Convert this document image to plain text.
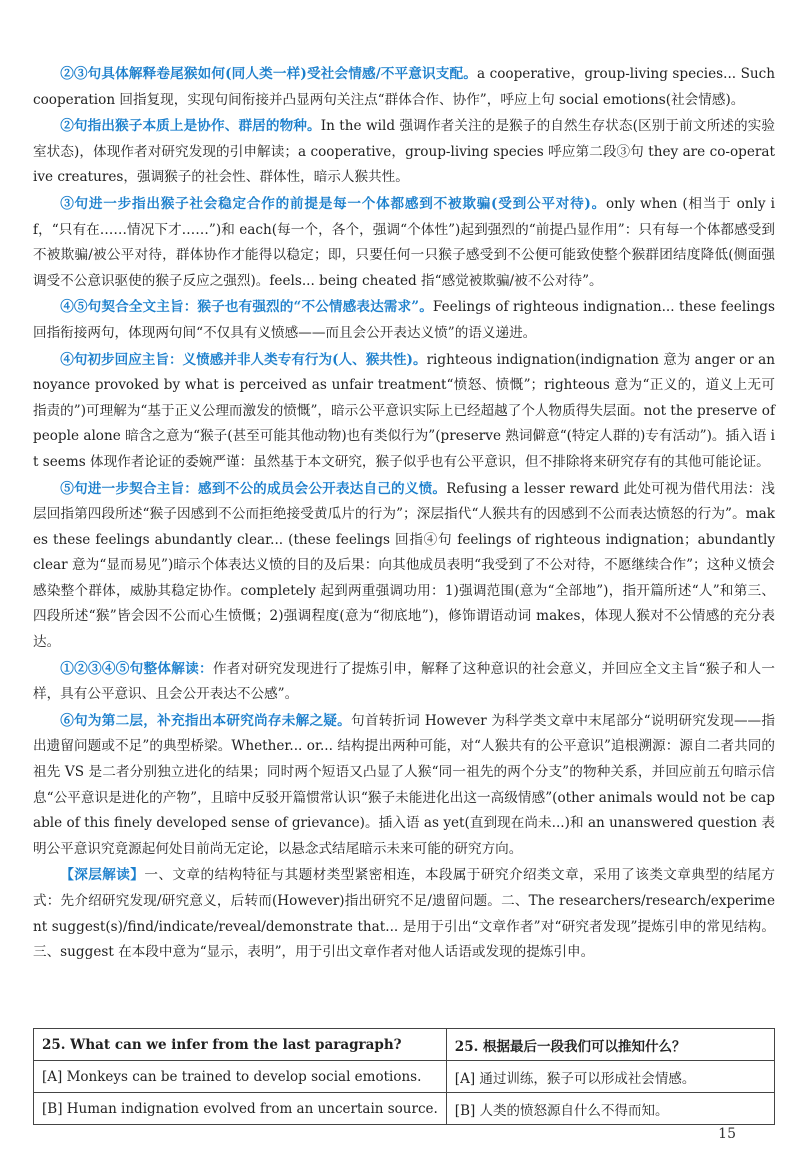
②③句具体解释卷尾猴如何(同人类一样)受社会情感/不平意识支配。a cooperative，group-living species... Such cooperation 回指复现，实现句间衔接并凸显两句关注点“群体合作、协作”，呼应上句 social emotions(社会情感)。

②句指出猴子本质上是协作、群居的物种。In the wild 强调作者关注的是猴子的自然生存状态(区别于前文所述的实验室状态)，体现作者对研究发现的引申解读；a cooperative，group-living species 呼应第二段③句 they are co-operative creatures，强调猴子的社会性、群体性，暗示人猴共性。

③句进一步指出猴子社会稳定合作的前提是每一个体都感到不被欺骗(受到公平对待)。only when (相当于 only if，“只有在……情况下才……”)和 each(每一个，各个，强调“个体性”)起到强烈的“前提凸显作用”：只有每一个体都感受到不被欺骗/被公平对待，群体协作才能得以稳定；即，只要任何一只猴子感受到不公便可能致使整个猴群团结度降低(侧面强调受不公意识驱使的猴子反应之强烈)。feels... being cheated 指“感觉被欺骗/被不公对待”。

④⑤句契合全文主旨：猴子也有强烈的“不公情感表达需求”。Feelings of righteous indignation... these feelings 回指衔接两句，体现两句间“不仅具有义愤感——而且会公开表达义愤”的语义递进。

④句初步回应主旨：义愤感并非人类专有行为(人、猴共性)。righteous indignation(indignation 意为 anger or annoyance provoked by what is perceived as unfair treatment“愤怒、愤慨”；righteous 意为“正义的，道义上无可指责的”)可理解为“基于正义公理而激发的愤慨”，暗示公平意识实际上已经超越了个人物质得失层面。not the preserve of people alone 暗含之意为“猴子(甚至可能其他动物)也有类似行为”(preserve 熟词僻意“(特定人群的)专有活动”)。插入语 it seems 体现作者论证的委婉严谨：虽然基于本文研究，猴子似乎也有公平意识，但不排除将来研究存有的其他可能论证。

⑤句进一步契合主旨：感到不公的成员会公开表达自己的义愤。Refusing a lesser reward 此处可视为借代用法：浅层回指第四段所述“猴子因感到不公而拒绝接受黄瓜片的行为”；深层指代“人猴共有的因感到不公而表达愤怒的行为”。makes these feelings abundantly clear... (these feelings 回指④句 feelings of righteous indignation；abundantly clear 意为“显而易见”)暗示个体表达义愤的目的及后果：向其他成员表明“我受到了不公对待，不愿继续合作”；这种义愤会感染整个群体，威胁其稳定协作。completely 起到两重强调功用：1)强调范围(意为“全部地”)，指开篇所述“人”和第三、四段所述“猴”皆会因不公而心生愤慨；2)强调程度(意为“彻底地”)，修饰谓语动词 makes，体现人猴对不公情感的充分表达。

①②③④⑤句整体解读：作者对研究发现进行了提炼引申，解释了这种意识的社会意义，并回应全文主旨“猴子和人一样，具有公平意识、且会公开表达不公感”。

⑥句为第二层，补充指出本研究尚存未解之疑。句首转折词 However 为科学类文章中末尾部分“说明研究发现——指出遗留问题或不足”的典型桥梁。Whether... or... 结构提出两种可能，对“人猴共有的公平意识”追根溯源：源自二者共同的祖先 VS 是二者分别独立进化的结果；同时两个短语又凸显了人猴“同一祖先的两个分支”的物种关系，并回应前五句暗示信息“公平意识是进化的产物”，且暗中反驳开篇惯常认识“猴子未能进化出这一高级情感”(other animals would not be capable of this finely developed sense of grievance)。插入语 as yet(直到现在尚未...)和 an unanswered question 表明公平意识究竟源起何处目前尚无定论，以悬念式结尾暗示未来可能的研究方向。

【深层解读】一、文章的结构特征与其题材类型紧密相连，本段属于研究介绍类文章，采用了该类文章典型的结尾方式：先介绍研究发现/研究意义，后转而(However)指出研究不足/遗留问题。二、The researchers/research/experiment suggest(s)/find/indicate/reveal/demonstrate that... 是用于引出“文章作者”对“研究者发现”提炼引申的常见结构。三、suggest 在本段中意为“显示，表明”，用于引出文章作者对他人话语或发现的提炼引申。

25. What can we infer from the last paragraph?	25. 根据最后一段我们可以推知什么？
[A] Monkeys can be trained to develop social emotions.	[A] 通过训练，猴子可以形成社会情感。
[B] Human indignation evolved from an uncertain source.	[B] 人类的愤怒源自什么不得而知。
15
